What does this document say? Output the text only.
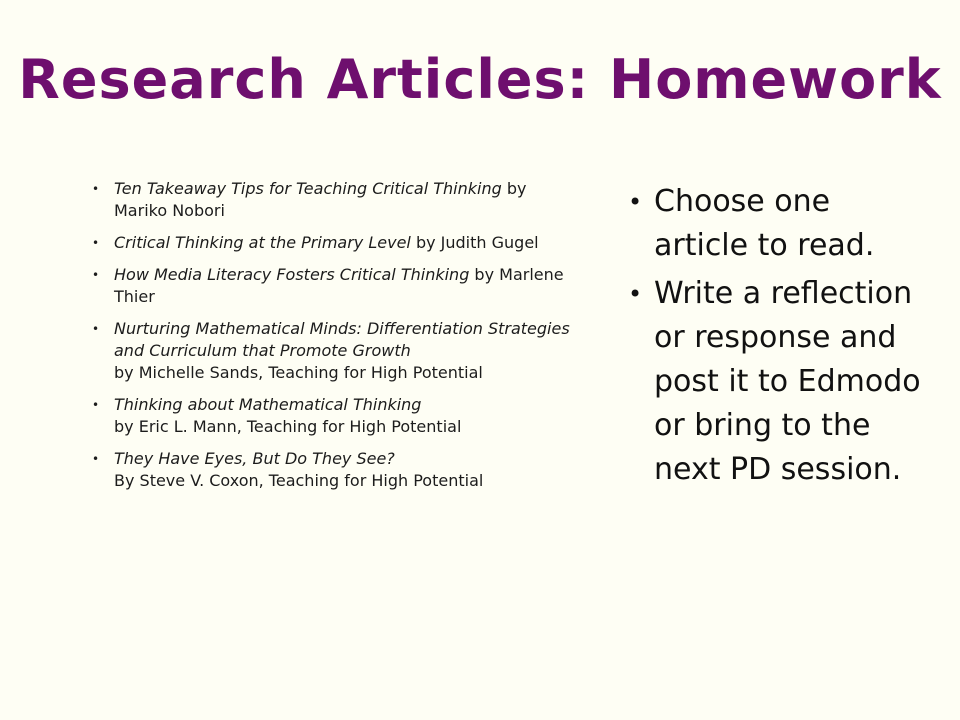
Research Articles: Homework
• Ten Takeaway Tips for Teaching Critical Thinking by Mariko Nobori
• Critical Thinking at the Primary Level by Judith Gugel
• How Media Literacy Fosters Critical Thinking by Marlene Thier
• Nurturing Mathematical Minds: Differentiation Strategies and Curriculum that Promote Growth
by Michelle Sands, Teaching for High Potential
• Thinking about Mathematical Thinking
by Eric L. Mann, Teaching for High Potential
• They Have Eyes, But Do They See?
By Steve V. Coxon, Teaching for High Potential
• Choose one article to read.
• Write a reflection or response and post it to Edmodo or bring to the next PD session.
